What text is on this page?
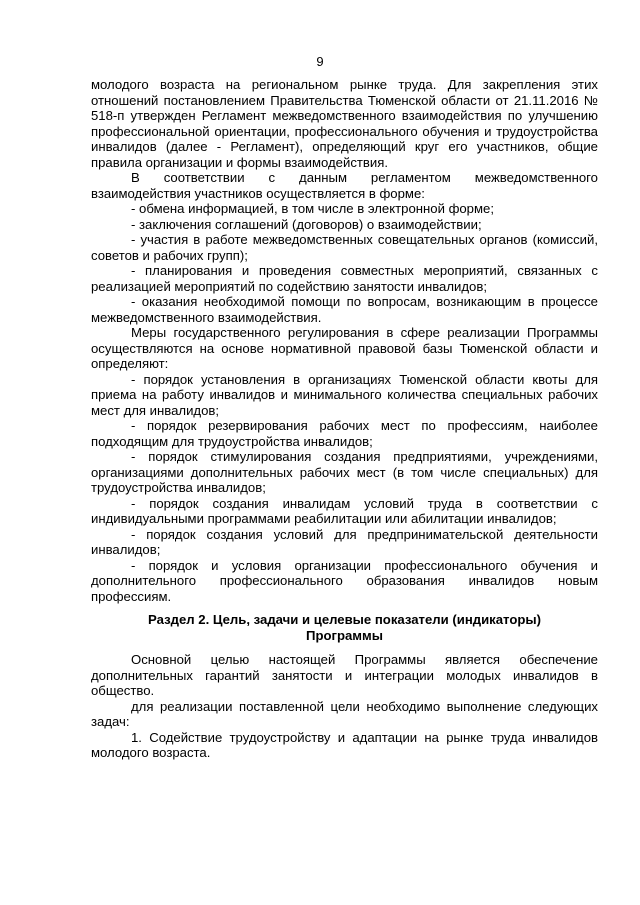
9

молодого возраста на региональном рынке труда. Для закрепления этих отношений постановлением Правительства Тюменской области от 21.11.2016 № 518-п утвержден Регламент межведомственного взаимодействия по улучшению профессиональной ориентации, профессионального обучения и трудоустройства инвалидов (далее - Регламент), определяющий круг его участников, общие правила организации и формы взаимодействия.

В соответствии с данным регламентом межведомственного взаимодействия участников осуществляется в форме:

- обмена информацией, в том числе в электронной форме;

- заключения соглашений (договоров) о взаимодействии;

- участия в работе межведомственных совещательных органов (комиссий, советов и рабочих групп);

- планирования и проведения совместных мероприятий, связанных с реализацией мероприятий по содействию занятости инвалидов;

- оказания необходимой помощи по вопросам, возникающим в процессе межведомственного взаимодействия.

Меры государственного регулирования в сфере реализации Программы осуществляются на основе нормативной правовой базы Тюменской области и определяют:

- порядок установления в организациях Тюменской области квоты для приема на работу инвалидов и минимального количества специальных рабочих мест для инвалидов;

- порядок резервирования рабочих мест по профессиям, наиболее подходящим для трудоустройства инвалидов;

- порядок стимулирования создания предприятиями, учреждениями, организациями дополнительных рабочих мест (в том числе специальных) для трудоустройства инвалидов;

- порядок создания инвалидам условий труда в соответствии с индивидуальными программами реабилитации или абилитации инвалидов;

- порядок создания условий для предпринимательской деятельности инвалидов;

- порядок и условия организации профессионального обучения и дополнительного профессионального образования инвалидов новым профессиям.

Раздел 2. Цель, задачи и целевые показатели (индикаторы)
Программы

Основной целью настоящей Программы является обеспечение дополнительных гарантий занятости и интеграции молодых инвалидов в общество.

для реализации поставленной цели необходимо выполнение следующих задач:

1. Содействие трудоустройству и адаптации на рынке труда инвалидов молодого возраста.
